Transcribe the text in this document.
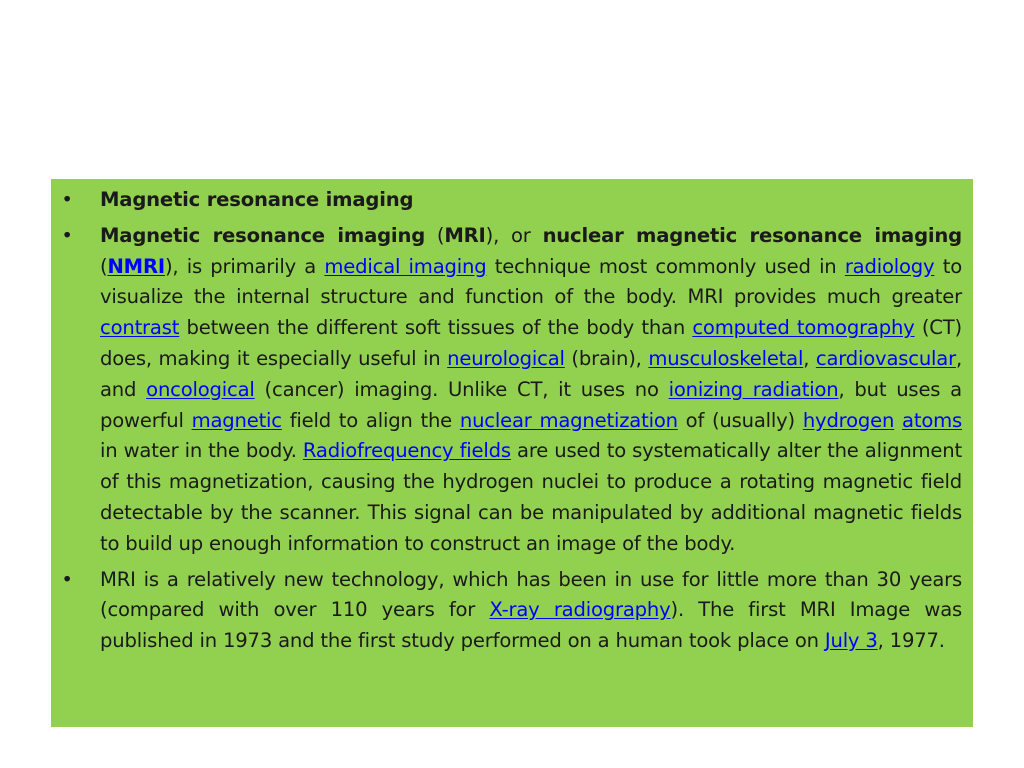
• Magnetic resonance imaging
• Magnetic resonance imaging (MRI), or nuclear magnetic resonance imaging (NMRI), is primarily a medical imaging technique most commonly used in radiology to visualize the internal structure and function of the body. MRI provides much greater contrast between the different soft tissues of the body than computed tomography (CT) does, making it especially useful in neurological (brain), musculoskeletal, cardiovascular, and oncological (cancer) imaging. Unlike CT, it uses no ionizing radiation, but uses a powerful magnetic field to align the nuclear magnetization of (usually) hydrogen atoms in water in the body. Radiofrequency fields are used to systematically alter the alignment of this magnetization, causing the hydrogen nuclei to produce a rotating magnetic field detectable by the scanner. This signal can be manipulated by additional magnetic fields to build up enough information to construct an image of the body.
• MRI is a relatively new technology, which has been in use for little more than 30 years (compared with over 110 years for X-ray radiography). The first MRI Image was published in 1973 and the first study performed on a human took place on July 3, 1977.
